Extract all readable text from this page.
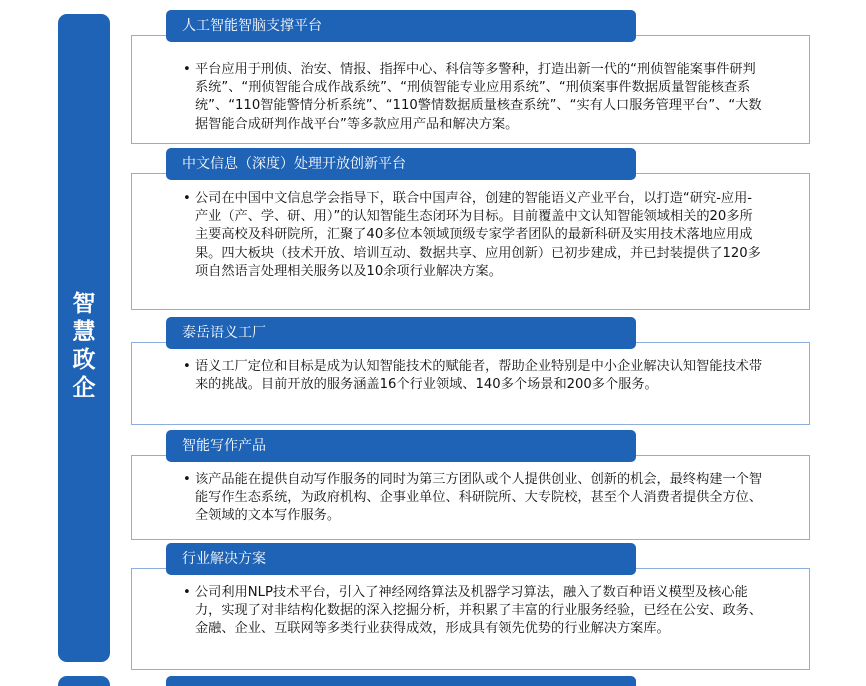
智
慧
政
企
人工智能智脑支撑平台
• 平台应用于刑侦、治安、情报、指挥中心、科信等多警种，打造出新一代的“刑侦智能案事件研判系统”、“刑侦智能合成作战系统”、“刑侦智能专业应用系统”、“刑侦案事件数据质量智能核查系统”、“110智能警情分析系统”、“110警情数据质量核查系统”、“实有人口服务管理平台”、“大数据智能合成研判作战平台”等多款应用产品和解决方案。
中文信息（深度）处理开放创新平台
• 公司在中国中文信息学会指导下，联合中国声谷，创建的智能语义产业平台，以打造“研究-应用-产业（产、学、研、用）”的认知智能生态闭环为目标。目前覆盖中文认知智能领域相关的20多所主要高校及科研院所，汇聚了40多位本领域顶级专家学者团队的最新科研及实用技术落地应用成果。四大板块（技术开放、培训互动、数据共享、应用创新）已初步建成，并已封装提供了120多项自然语言处理相关服务以及10余项行业解决方案。
泰岳语义工厂
• 语义工厂定位和目标是成为认知智能技术的赋能者，帮助企业特别是中小企业解决认知智能技术带来的挑战。目前开放的服务涵盖16个行业领域、140多个场景和200多个服务。
智能写作产品
• 该产品能在提供自动写作服务的同时为第三方团队或个人提供创业、创新的机会，最终构建一个智能写作生态系统，为政府机构、企事业单位、科研院所、大专院校，甚至个人消费者提供全方位、全领域的文本写作服务。
行业解决方案
• 公司利用NLP技术平台，引入了神经网络算法及机器学习算法，融入了数百种语义模型及核心能力，实现了对非结构化数据的深入挖掘分析，并积累了丰富的行业服务经验，已经在公安、政务、金融、企业、互联网等多类行业获得成效，形成具有领先优势的行业解决方案库。
